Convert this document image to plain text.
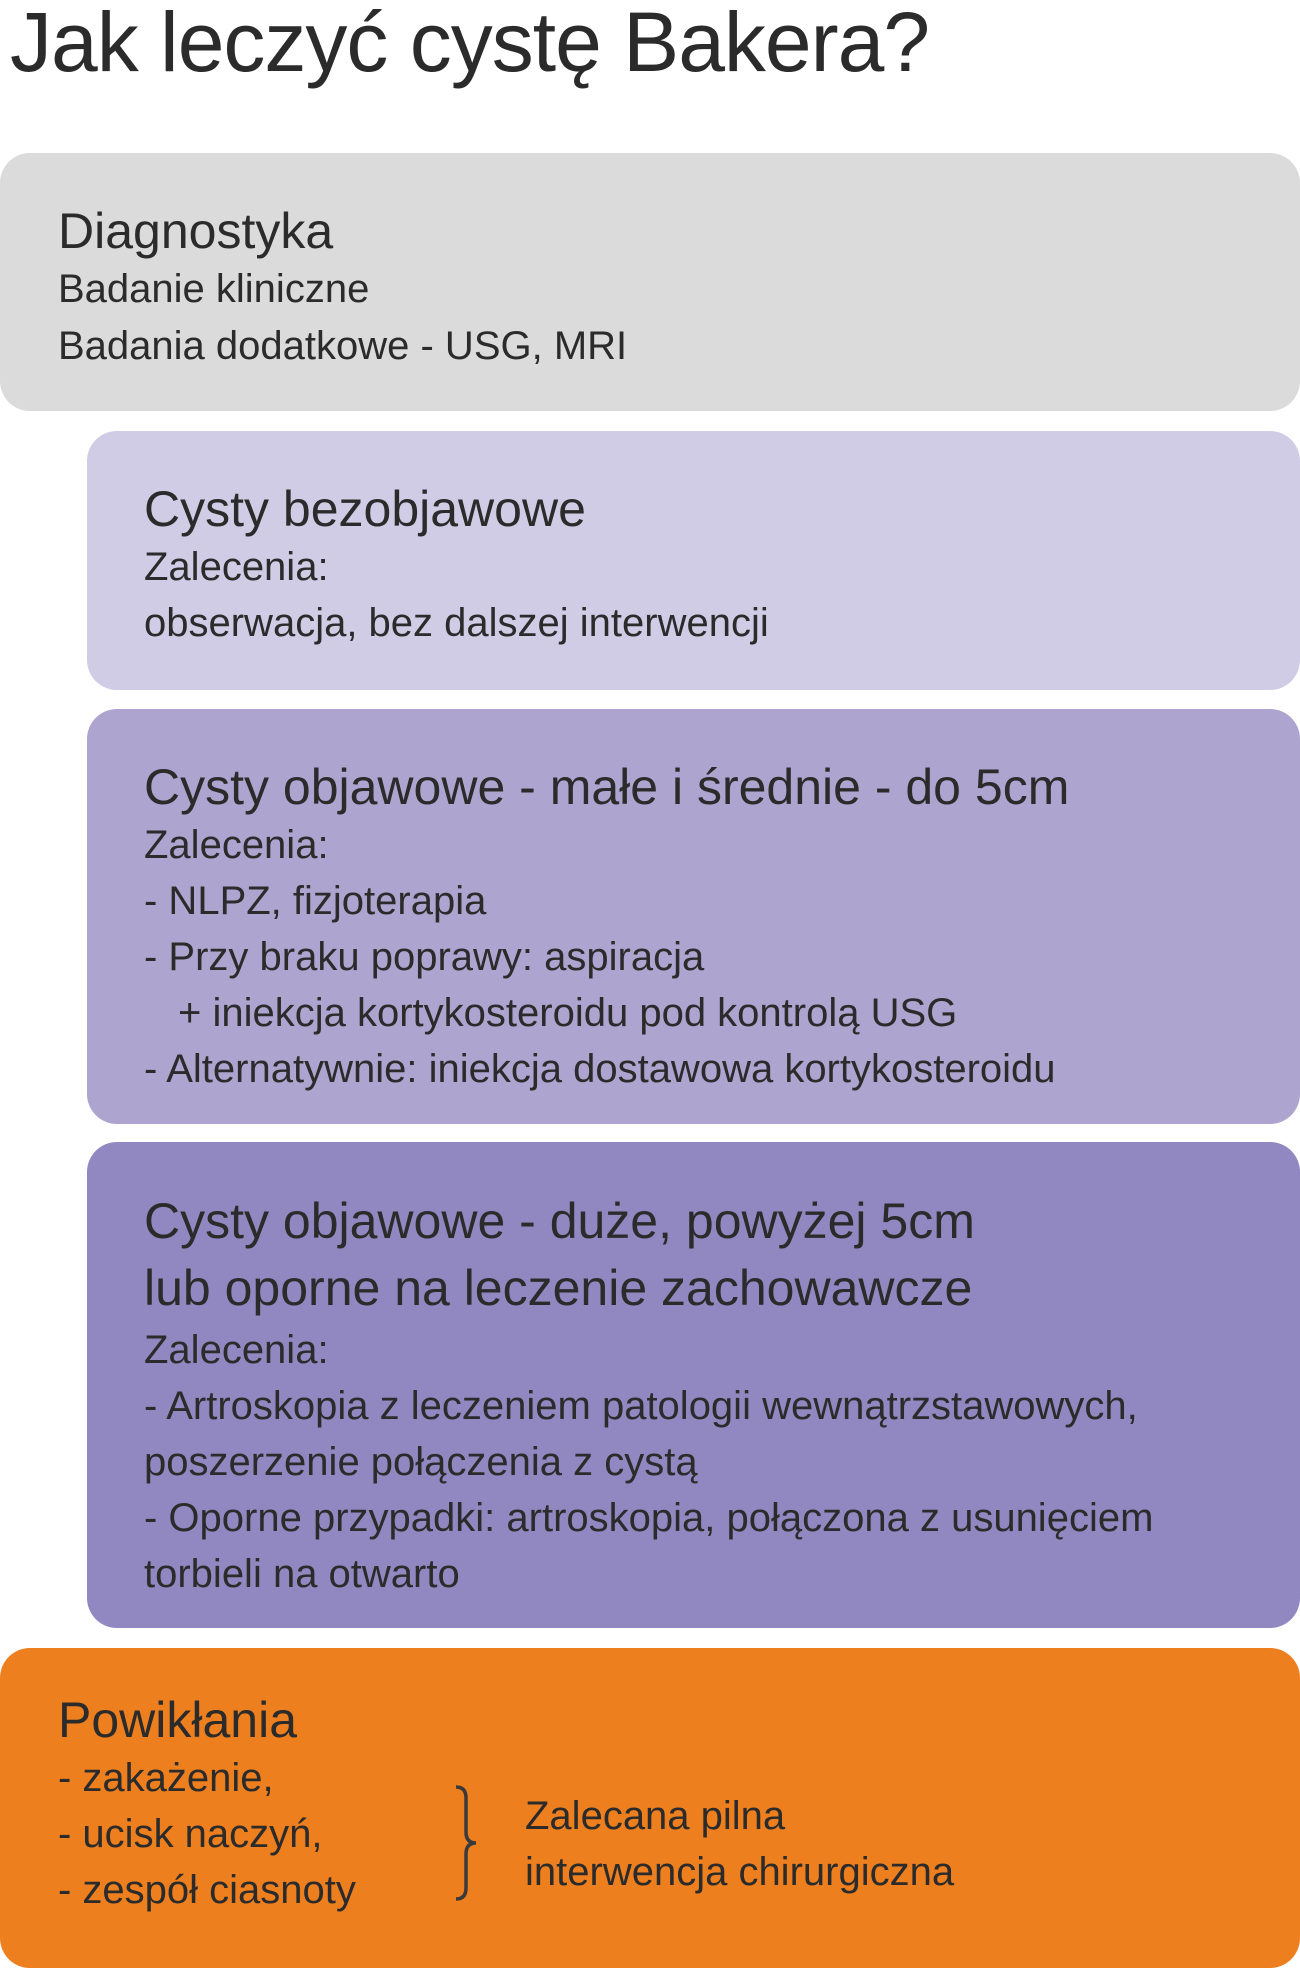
Jak leczyć cystę Bakera?
Diagnostyka
Badanie kliniczne
Badania dodatkowe - USG, MRI
Cysty bezobjawowe
Zalecenia:
obserwacja, bez dalszej interwencji
Cysty objawowe - małe i średnie - do 5cm
Zalecenia:
- NLPZ, fizjoterapia
- Przy braku poprawy: aspiracja
+ iniekcja kortykosteroidu pod kontrolą USG
- Alternatywnie: iniekcja dostawowa kortykosteroidu
Cysty objawowe - duże, powyżej 5cm
lub oporne na leczenie zachowawcze
Zalecenia:
- Artroskopia z leczeniem patologii wewnątrzstawowych,
poszerzenie połączenia z cystą
- Oporne przypadki: artroskopia, połączona z usunięciem
torbieli na otwarto
Powikłania
- zakażenie,
- ucisk naczyń,
- zespół ciasnoty
Zalecana pilna
interwencja chirurgiczna
